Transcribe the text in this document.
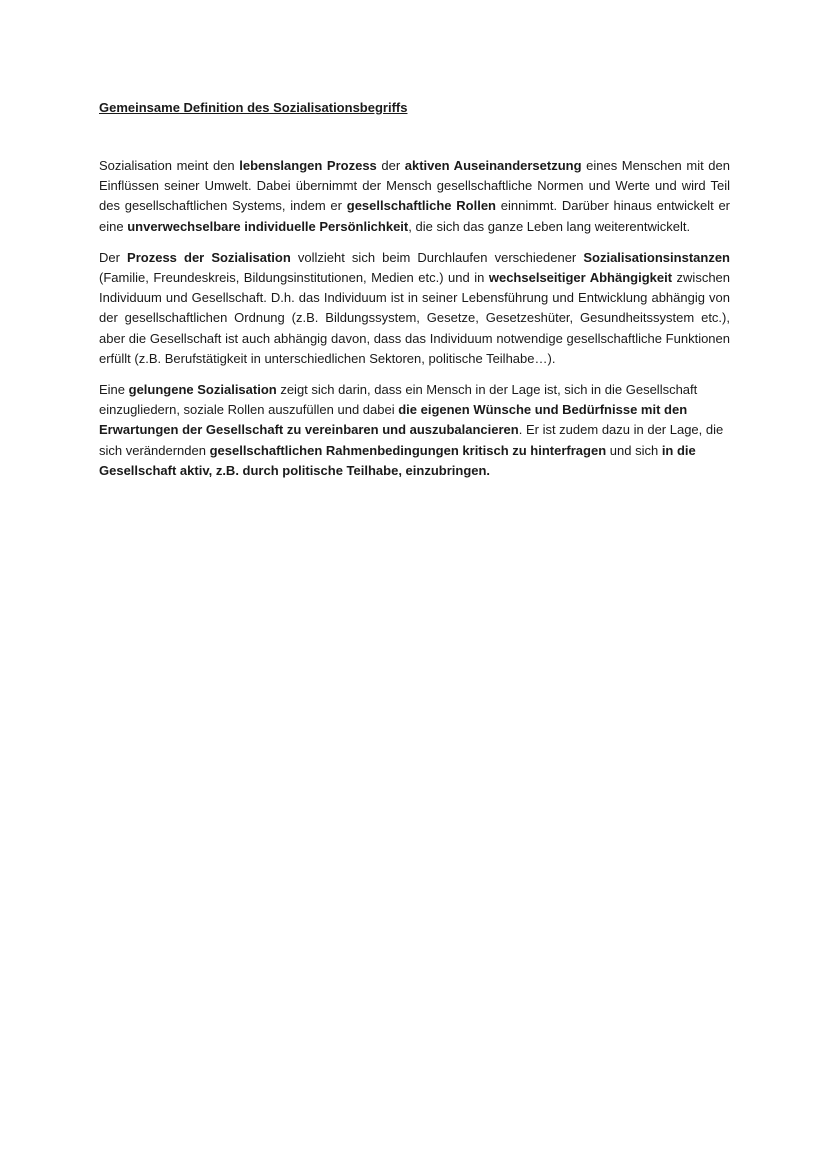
Gemeinsame Definition des Sozialisationsbegriffs

Sozialisation meint den lebenslangen Prozess der aktiven Auseinandersetzung eines Menschen mit den Einflüssen seiner Umwelt. Dabei übernimmt der Mensch gesellschaftliche Normen und Werte und wird Teil des gesellschaftlichen Systems, indem er gesellschaftliche Rollen einnimmt. Darüber hinaus entwickelt er eine unverwechselbare individuelle Persönlichkeit, die sich das ganze Leben lang weiterentwickelt.

Der Prozess der Sozialisation vollzieht sich beim Durchlaufen verschiedener Sozialisationsinstanzen (Familie, Freundeskreis, Bildungsinstitutionen, Medien etc.) und in wechselseitiger Abhängigkeit zwischen Individuum und Gesellschaft. D.h. das Individuum ist in seiner Lebensführung und Entwicklung abhängig von der gesellschaftlichen Ordnung (z.B. Bildungssystem, Gesetze, Gesetzeshüter, Gesundheitssystem etc.), aber die Gesellschaft ist auch abhängig davon, dass das Individuum notwendige gesellschaftliche Funktionen erfüllt (z.B. Berufstätigkeit in unterschiedlichen Sektoren, politische Teilhabe…).

Eine gelungene Sozialisation zeigt sich darin, dass ein Mensch in der Lage ist, sich in die Gesellschaft einzugliedern, soziale Rollen auszufüllen und dabei die eigenen Wünsche und Bedürfnisse mit den Erwartungen der Gesellschaft zu vereinbaren und auszubalancieren. Er ist zudem dazu in der Lage, die sich verändernden gesellschaftlichen Rahmenbedingungen kritisch zu hinterfragen und sich in die Gesellschaft aktiv, z.B. durch politische Teilhabe, einzubringen.
